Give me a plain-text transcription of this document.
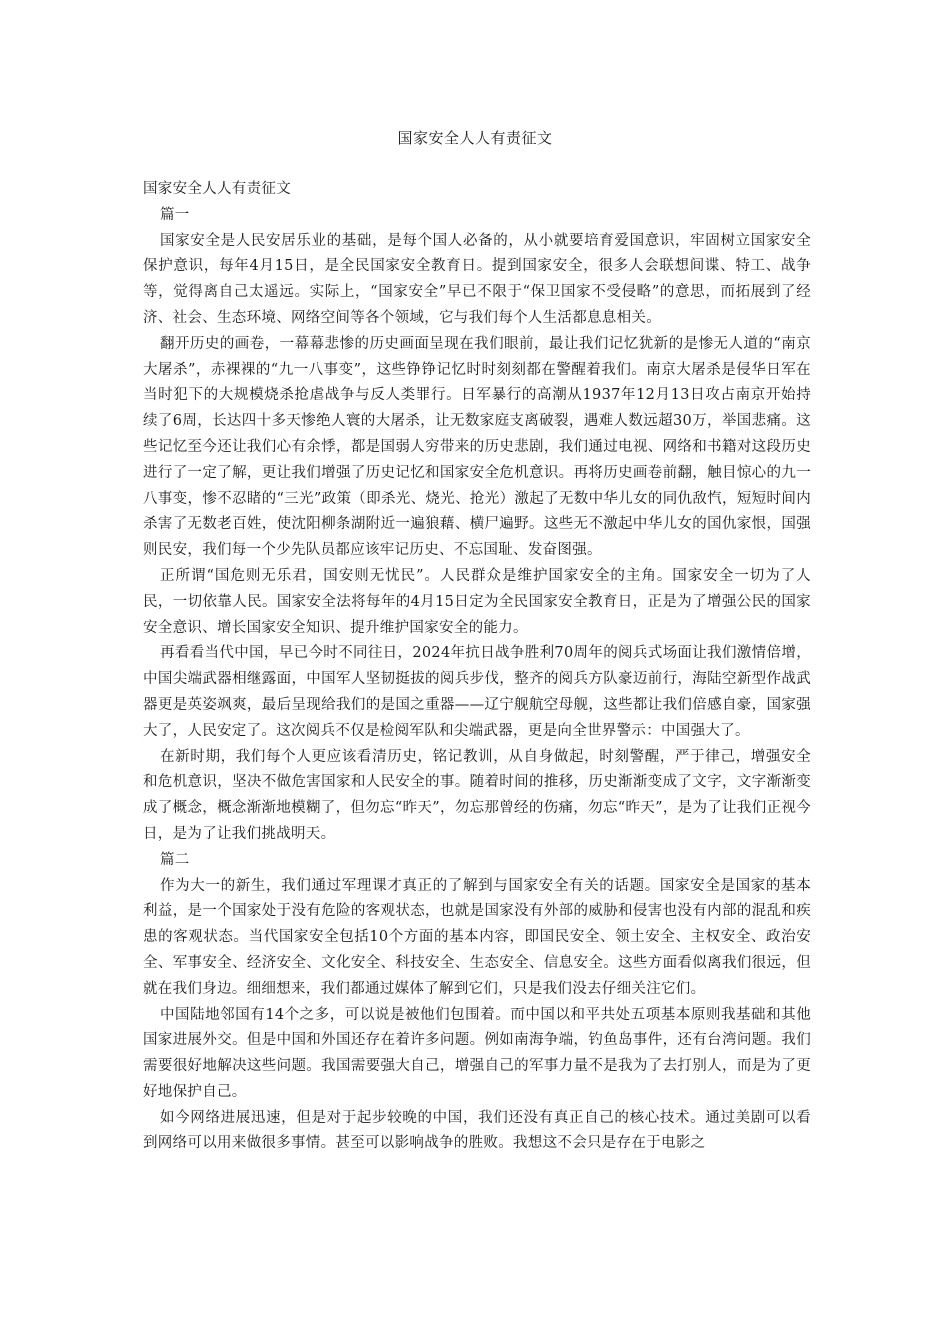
国家安全人人有责征文

国家安全人人有责征文

篇一

国家安全是人民安居乐业的基础，是每个国人必备的，从小就要培育爱国意识，牢固树立国家安全保护意识，每年4月15日，是全民国家安全教育日。提到国家安全，很多人会联想间谍、特工、战争等，觉得离自己太遥远。实际上，“国家安全”早已不限于“保卫国家不受侵略”的意思，而拓展到了经济、社会、生态环境、网络空间等各个领域，它与我们每个人生活都息息相关。

翻开历史的画卷，一幕幕悲惨的历史画面呈现在我们眼前，最让我们记忆犹新的是惨无人道的“南京大屠杀”，赤裸裸的“九一八事变”，这些铮铮记忆时时刻刻都在警醒着我们。南京大屠杀是侵华日军在当时犯下的大规模烧杀抢虐战争与反人类罪行。日军暴行的高潮从1937年12月13日攻占南京开始持续了6周，长达四十多天惨绝人寰的大屠杀，让无数家庭支离破裂，遇难人数远超30万，举国悲痛。这些记忆至今还让我们心有余悸，都是国弱人穷带来的历史悲剧，我们通过电视、网络和书籍对这段历史进行了一定了解，更让我们增强了历史记忆和国家安全危机意识。再将历史画卷前翻，触目惊心的九一八事变，惨不忍睹的“三光”政策（即杀光、烧光、抢光）激起了无数中华儿女的同仇敌忾，短短时间内杀害了无数老百姓，使沈阳柳条湖附近一遍狼藉、横尸遍野。这些无不激起中华儿女的国仇家恨，国强则民安，我们每一个少先队员都应该牢记历史、不忘国耻、发奋图强。

正所谓“国危则无乐君，国安则无忧民”。人民群众是维护国家安全的主角。国家安全一切为了人民，一切依靠人民。国家安全法将每年的4月15日定为全民国家安全教育日，正是为了增强公民的国家安全意识、增长国家安全知识、提升维护国家安全的能力。

再看看当代中国，早已今时不同往日，2024年抗日战争胜利70周年的阅兵式场面让我们激情倍增，中国尖端武器相继露面，中国军人坚韧挺拔的阅兵步伐，整齐的阅兵方队豪迈前行，海陆空新型作战武器更是英姿飒爽，最后呈现给我们的是国之重器——辽宁舰航空母舰，这些都让我们倍感自豪，国家强大了，人民安定了。这次阅兵不仅是检阅军队和尖端武器，更是向全世界警示：中国强大了。

在新时期，我们每个人更应该看清历史，铭记教训，从自身做起，时刻警醒，严于律己，增强安全和危机意识，坚决不做危害国家和人民安全的事。随着时间的推移，历史渐渐变成了文字，文字渐渐变成了概念，概念渐渐地模糊了，但勿忘“昨天”，勿忘那曾经的伤痛，勿忘“昨天”，是为了让我们正视今日，是为了让我们挑战明天。

篇二

作为大一的新生，我们通过军理课才真正的了解到与国家安全有关的话题。国家安全是国家的基本利益，是一个国家处于没有危险的客观状态，也就是国家没有外部的威胁和侵害也没有内部的混乱和疾患的客观状态。当代国家安全包括10个方面的基本内容，即国民安全、领土安全、主权安全、政治安全、军事安全、经济安全、文化安全、科技安全、生态安全、信息安全。这些方面看似离我们很远，但就在我们身边。细细想来，我们都通过媒体了解到它们，只是我们没去仔细关注它们。

中国陆地邻国有14个之多，可以说是被他们包围着。而中国以和平共处五项基本原则我基础和其他国家进展外交。但是中国和外国还存在着许多问题。例如南海争端，钓鱼岛事件，还有台湾问题。我们需要很好地解决这些问题。我国需要强大自己，增强自己的军事力量不是我为了去打别人，而是为了更好地保护自己。

如今网络进展迅速，但是对于起步较晚的中国，我们还没有真正自己的核心技术。通过美剧可以看到网络可以用来做很多事情。甚至可以影响战争的胜败。我想这不会只是存在于电影之
